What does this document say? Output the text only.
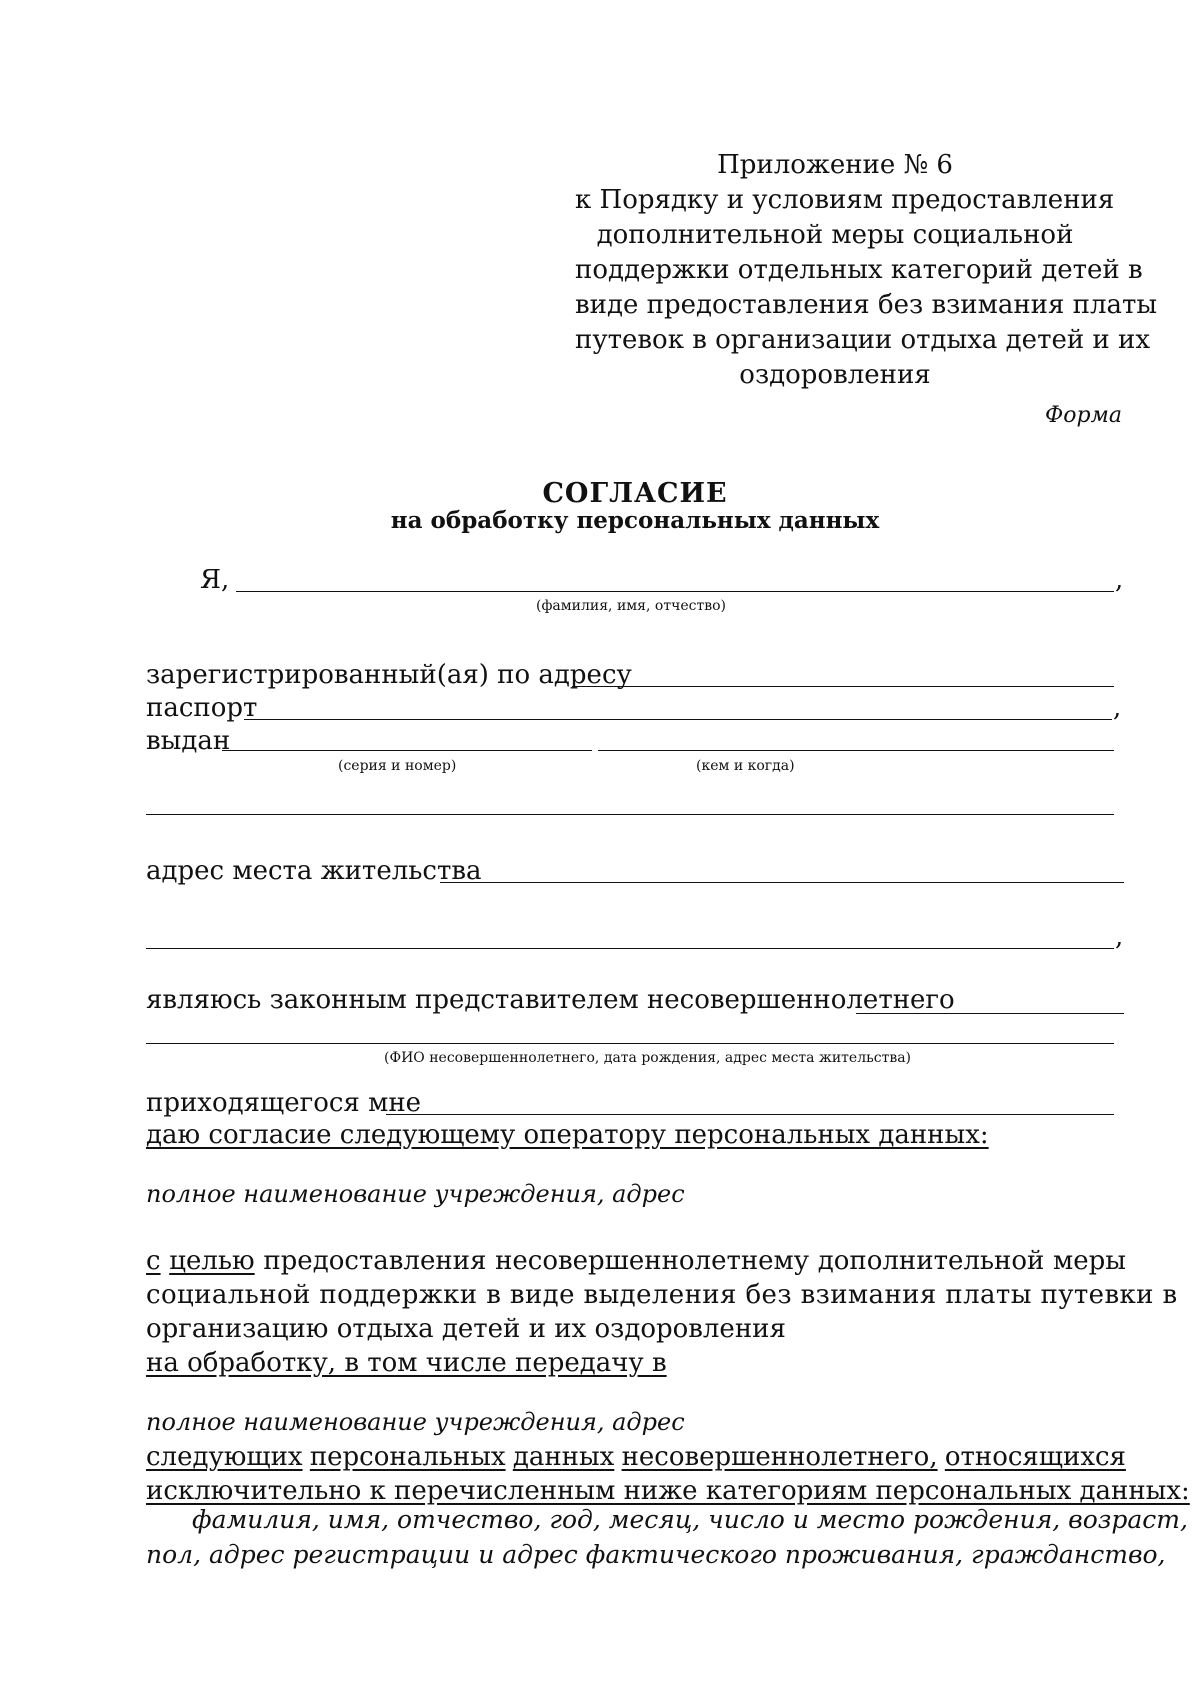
Приложение № 6
к Порядку и условиям предоставления
дополнительной меры социальной
поддержки отдельных категорий детей в
виде предоставления без взимания платы
путевок в организации отдыха детей и их
оздоровления
Форма
СОГЛАСИЕ
на обработку персональных данных
Я,	,
(фамилия, имя, отчество)
зарегистрированный(ая) по адресу
паспорт	,
выдан
(серия и номер)	(кем и когда)
адрес места жительства
,
являюсь законным представителем несовершеннолетнего
(ФИО несовершеннолетнего, дата рождения, адрес места жительства)
приходящегося мне
даю согласие следующему оператору персональных данных:
полное наименование учреждения, адрес
с целью предоставления несовершеннолетнему дополнительной меры
социальной поддержки в виде выделения без взимания платы путевки в
организацию отдыха детей и их оздоровления
на обработку, в том числе передачу в
полное наименование учреждения, адрес
следующих персональных данных несовершеннолетнего, относящихся
исключительно к перечисленным ниже категориям персональных данных:
фамилия, имя, отчество, год, месяц, число и место рождения, возраст,
пол, адрес регистрации и адрес фактического проживания, гражданство,
